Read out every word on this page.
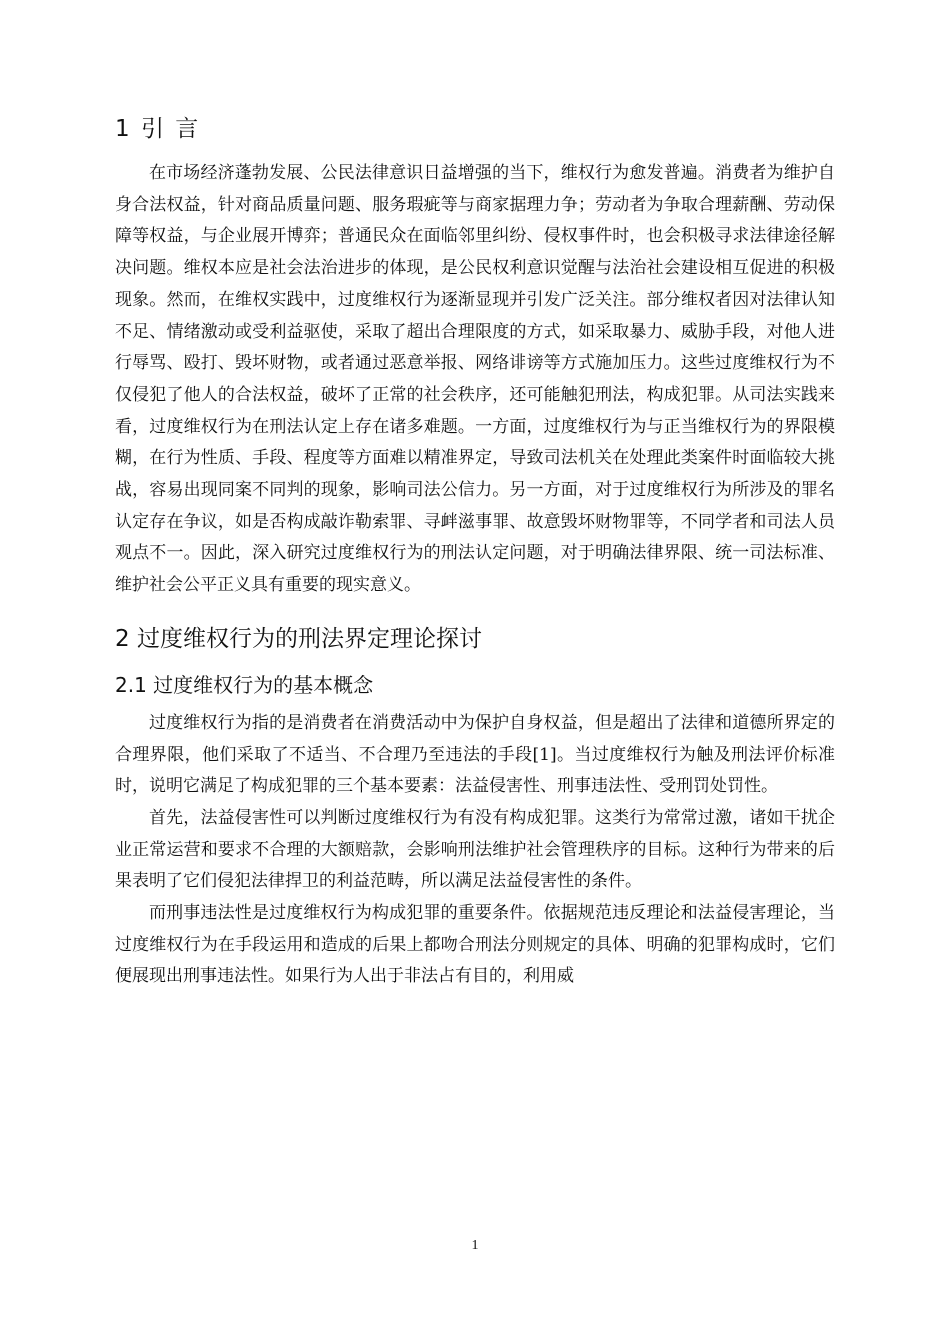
1 引 言

在市场经济蓬勃发展、公民法律意识日益增强的当下，维权行为愈发普遍。消费者为维护自身合法权益，针对商品质量问题、服务瑕疵等与商家据理力争；劳动者为争取合理薪酬、劳动保障等权益，与企业展开博弈；普通民众在面临邻里纠纷、侵权事件时，也会积极寻求法律途径解决问题。维权本应是社会法治进步的体现，是公民权利意识觉醒与法治社会建设相互促进的积极现象。然而，在维权实践中，过度维权行为逐渐显现并引发广泛关注。部分维权者因对法律认知不足、情绪激动或受利益驱使，采取了超出合理限度的方式，如采取暴力、威胁手段，对他人进行辱骂、殴打、毁坏财物，或者通过恶意举报、网络诽谤等方式施加压力。这些过度维权行为不仅侵犯了他人的合法权益，破坏了正常的社会秩序，还可能触犯刑法，构成犯罪。从司法实践来看，过度维权行为在刑法认定上存在诸多难题。一方面，过度维权行为与正当维权行为的界限模糊，在行为性质、手段、程度等方面难以精准界定，导致司法机关在处理此类案件时面临较大挑战，容易出现同案不同判的现象，影响司法公信力。另一方面，对于过度维权行为所涉及的罪名认定存在争议，如是否构成敲诈勒索罪、寻衅滋事罪、故意毁坏财物罪等，不同学者和司法人员观点不一。因此，深入研究过度维权行为的刑法认定问题，对于明确法律界限、统一司法标准、维护社会公平正义具有重要的现实意义。

2 过度维权行为的刑法界定理论探讨
2.1 过度维权行为的基本概念

过度维权行为指的是消费者在消费活动中为保护自身权益，但是超出了法律和道德所界定的合理界限，他们采取了不适当、不合理乃至违法的手段[1]。当过度维权行为触及刑法评价标准时，说明它满足了构成犯罪的三个基本要素：法益侵害性、刑事违法性、受刑罚处罚性。

首先，法益侵害性可以判断过度维权行为有没有构成犯罪。这类行为常常过激，诸如干扰企业正常运营和要求不合理的大额赔款，会影响刑法维护社会管理秩序的目标。这种行为带来的后果表明了它们侵犯法律捍卫的利益范畴，所以满足法益侵害性的条件。

而刑事违法性是过度维权行为构成犯罪的重要条件。依据规范违反理论和法益侵害理论，当过度维权行为在手段运用和造成的后果上都吻合刑法分则规定的具体、明确的犯罪构成时，它们便展现出刑事违法性。如果行为人出于非法占有目的，利用威

1
